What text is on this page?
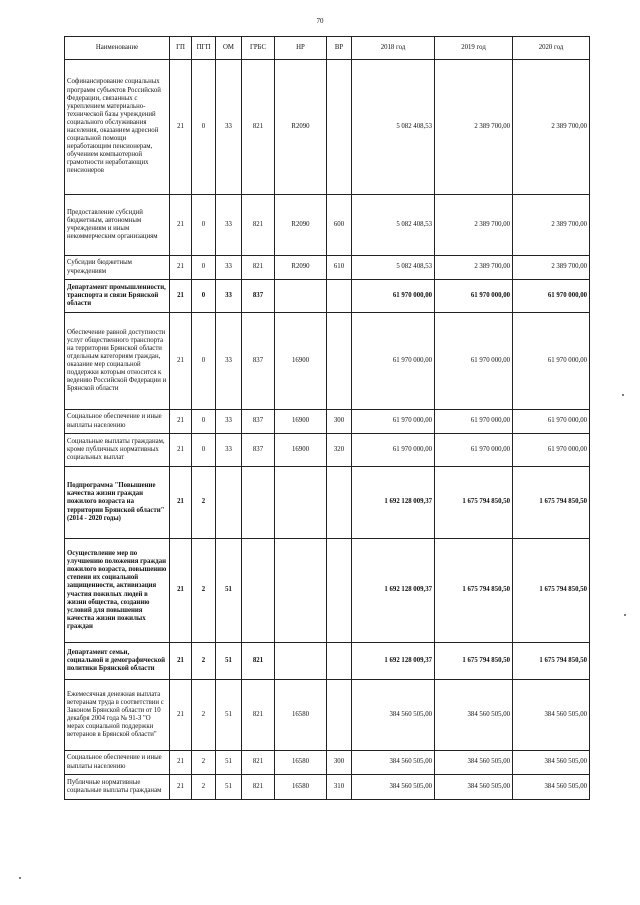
70
Наименование	ГП	ПГП	ОМ	ГРБС	НР	ВР	2018 год	2019 год	2020 год
Софинансирование социальных программ субъектов Российской Федерации, связанных с укреплением материально-технической базы учреждений социального обслуживания населения, оказанием адресной социальной помощи неработающим пенсионерам, обучением компьютерной грамотности неработающих пенсионеров	21	0	33	821	R2090		5 082 408,53	2 389 700,00	2 389 700,00
Предоставление субсидий бюджетным, автономным учреждениям и иным некоммерческим организациям	21	0	33	821	R2090	600	5 082 408,53	2 389 700,00	2 389 700,00
Субсидии бюджетным учреждениям	21	0	33	821	R2090	610	5 082 408,53	2 389 700,00	2 389 700,00
Департамент промышленности, транспорта и связи Брянской области	21	0	33	837			61 970 000,00	61 970 000,00	61 970 000,00
Обеспечение равной доступности услуг общественного транспорта на территории Брянской области отдельным категориям граждан, оказание мер социальной поддержки которым относится к ведению Российской Федерации и Брянской области	21	0	33	837	16900		61 970 000,00	61 970 000,00	61 970 000,00
Социальное обеспечение и иные выплаты населению	21	0	33	837	16900	300	61 970 000,00	61 970 000,00	61 970 000,00
Социальные выплаты гражданам, кроме публичных нормативных социальных выплат	21	0	33	837	16900	320	61 970 000,00	61 970 000,00	61 970 000,00
Подпрограмма "Повышение качества жизни граждан пожилого возраста на территории Брянской области" (2014 - 2020 годы)	21	2					1 692 128 009,37	1 675 794 850,50	1 675 794 850,50
Осуществление мер по улучшению положения граждан пожилого возраста, повышению степени их социальной защищенности, активизация участия пожилых людей в жизни общества, созданию условий для повышения качества жизни пожилых граждан	21	2	51				1 692 128 009,37	1 675 794 850,50	1 675 794 850,50
Департамент семьи, социальной и демографической политики Брянской области	21	2	51	821			1 692 128 009,37	1 675 794 850,50	1 675 794 850,50
Ежемесячная денежная выплата ветеранам труда в соответствии с Законом Брянской области от 10 декабря 2004 года № 91-З "О мерах социальной поддержки ветеранов в Брянской области"	21	2	51	821	16580		384 560 505,00	384 560 505,00	384 560 505,00
Социальное обеспечение и иные выплаты населению	21	2	51	821	16580	300	384 560 505,00	384 560 505,00	384 560 505,00
Публичные нормативные социальные выплаты гражданам	21	2	51	821	16580	310	384 560 505,00	384 560 505,00	384 560 505,00
